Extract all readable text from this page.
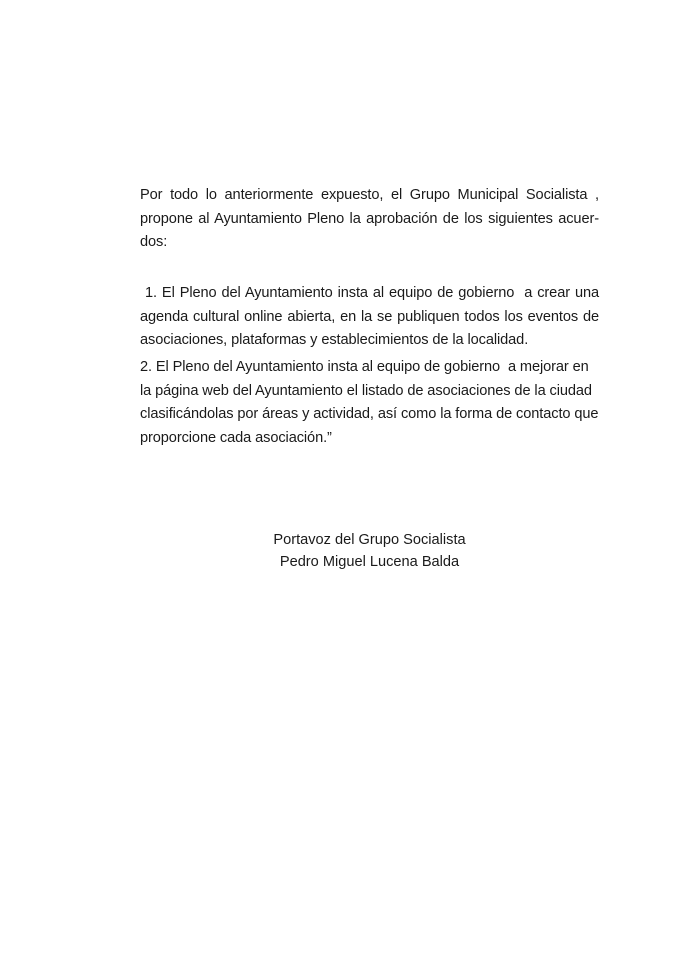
Por todo lo anteriormente expuesto, el Grupo Municipal Socialista ,
propone al Ayuntamiento Pleno la aprobación de los siguientes acuer-
dos:
1. El Pleno del Ayuntamiento insta al equipo de gobierno  a crear una
agenda cultural online abierta, en la se publiquen todos los eventos de
asociaciones, plataformas y establecimientos de la localidad.
2. El Pleno del Ayuntamiento insta al equipo de gobierno  a mejorar en
la página web del Ayuntamiento el listado de asociaciones de la ciudad
clasificándolas por áreas y actividad, así como la forma de contacto que
proporcione cada asociación.”
Portavoz del Grupo Socialista
Pedro Miguel Lucena Balda
